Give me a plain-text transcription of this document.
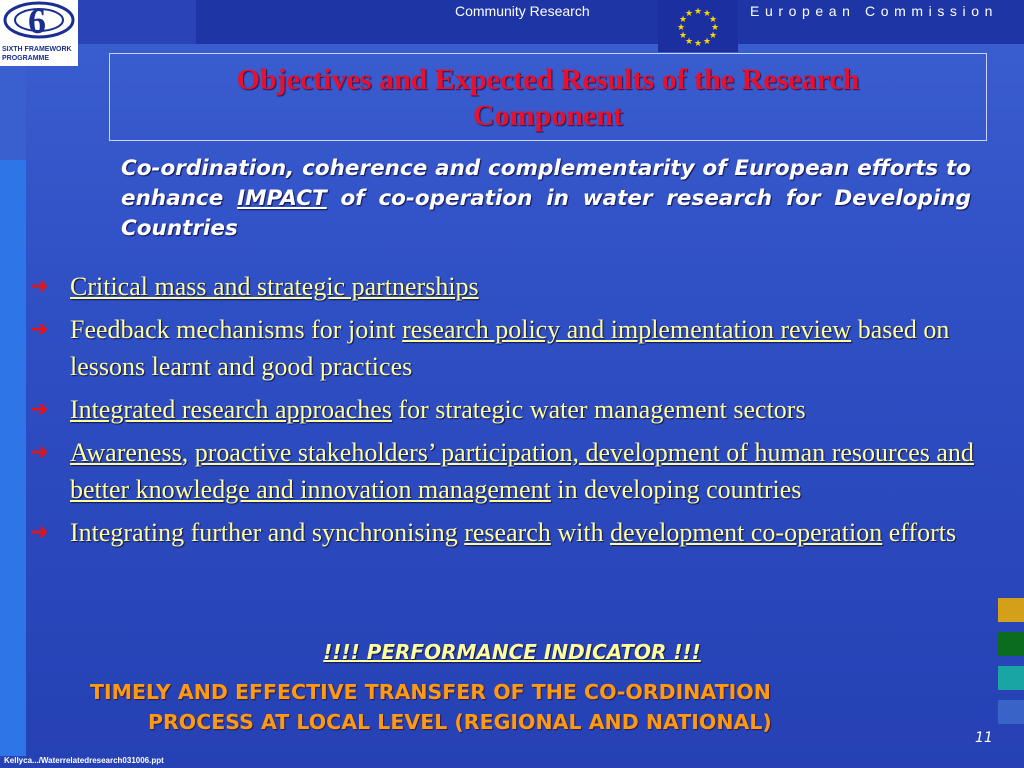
6
SIXTH FRAMEWORK
PROGRAMME
Community Research	★ ★
★
★
★
★
★
★
★
★
★
★	European Commission
Objectives and Expected Results of the Research
Component
Co-ordination, coherence and complementarity of European efforts to enhance IMPACT of co-operation in water research for Developing Countries
➔ Critical mass and strategic partnerships
➔ Feedback mechanisms for joint research policy and implementation review based on lessons learnt and good practices
➔ Integrated research approaches for strategic water management sectors
➔ Awareness, proactive stakeholders’ participation, development of human resources and better knowledge and innovation management in developing countries
➔ Integrating further and synchronising research with development co-operation efforts
!!!! PERFORMANCE INDICATOR !!!
TIMELY AND EFFECTIVE TRANSFER OF THE CO-ORDINATION
PROCESS AT LOCAL LEVEL (REGIONAL AND NATIONAL)
11
Kellyca.../Waterrelatedresearch031006.ppt
